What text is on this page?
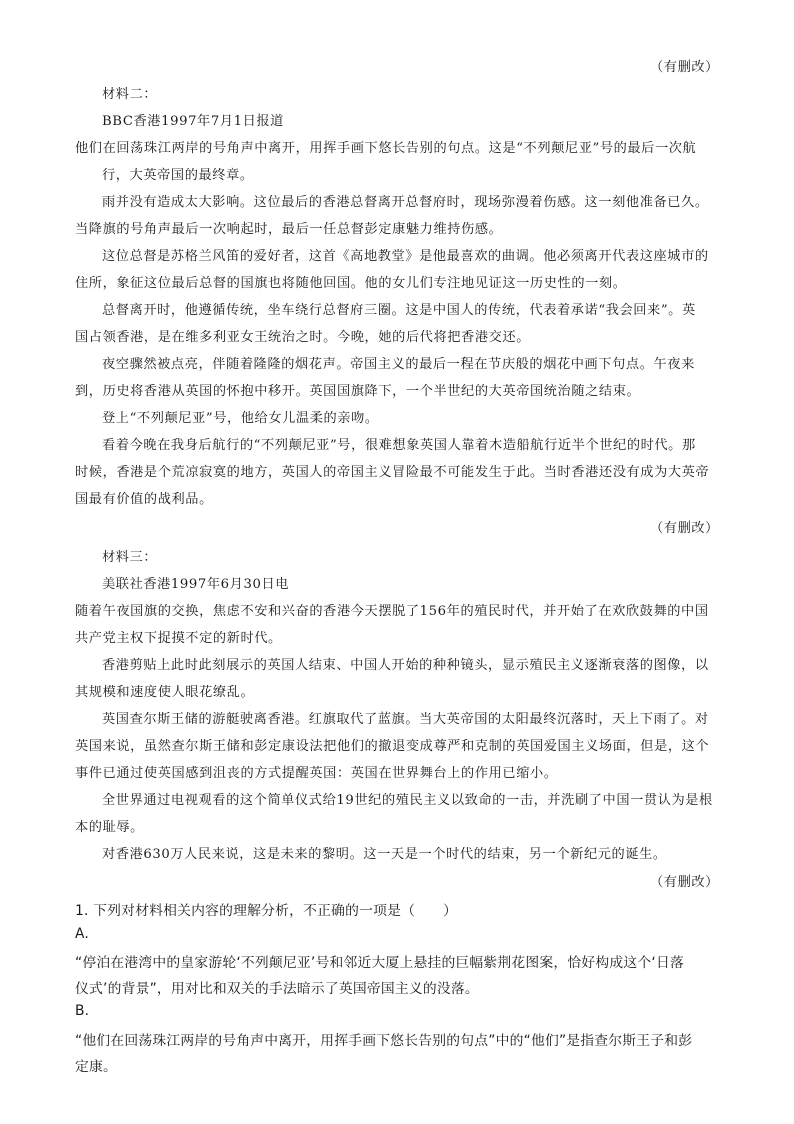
（有删改）
材料二：
BBC香港1997年7月1日报道
他们在回荡珠江两岸的号角声中离开，用挥手画下悠长告别的句点。这是“不列颠尼亚”号的最后一次航
行，大英帝国的最终章。
雨并没有造成太大影响。这位最后的香港总督离开总督府时，现场弥漫着伤感。这一刻他准备已久。
当降旗的号角声最后一次响起时，最后一任总督彭定康魅力维持伤感。
这位总督是苏格兰风笛的爱好者，这首《高地教堂》是他最喜欢的曲调。他必须离开代表这座城市的
住所，象征这位最后总督的国旗也将随他回国。他的女儿们专注地见证这一历史性的一刻。
总督离开时，他遵循传统，坐车绕行总督府三圈。这是中国人的传统，代表着承诺“我会回来”。英
国占领香港，是在维多利亚女王统治之时。今晚，她的后代将把香港交还。
夜空骤然被点亮，伴随着隆隆的烟花声。帝国主义的最后一程在节庆般的烟花中画下句点。午夜来
到，历史将香港从英国的怀抱中移开。英国国旗降下，一个半世纪的大英帝国统治随之结束。
登上“不列颠尼亚”号，他给女儿温柔的亲吻。
看着今晚在我身后航行的“不列颠尼亚”号，很难想象英国人靠着木造船航行近半个世纪的时代。那
时候，香港是个荒凉寂寞的地方，英国人的帝国主义冒险最不可能发生于此。当时香港还没有成为大英帝
国最有价值的战利品。
（有删改）
材料三：
美联社香港1997年6月30日电
随着午夜国旗的交换，焦虑不安和兴奋的香港今天摆脱了156年的殖民时代，并开始了在欢欣鼓舞的中国
共产党主权下捉摸不定的新时代。
香港剪贴上此时此刻展示的英国人结束、中国人开始的种种镜头，显示殖民主义逐渐衰落的图像，以
其规模和速度使人眼花缭乱。
英国查尔斯王储的游艇驶离香港。红旗取代了蓝旗。当大英帝国的太阳最终沉落时，天上下雨了。对
英国来说，虽然查尔斯王储和彭定康设法把他们的撤退变成尊严和克制的英国爱国主义场面，但是，这个
事件已通过使英国感到沮丧的方式提醒英国：英国在世界舞台上的作用已缩小。
全世界通过电视观看的这个简单仪式给19世纪的殖民主义以致命的一击，并洗刷了中国一贯认为是根
本的耻辱。
对香港630万人民来说，这是未来的黎明。这一天是一个时代的结束，另一个新纪元的诞生。
（有删改）
1. 下列对材料相关内容的理解分析，不正确的一项是（　　）
A.
“停泊在港湾中的皇家游轮‘不列颠尼亚’号和邻近大厦上悬挂的巨幅紫荆花图案，恰好构成这个‘日落
仪式’的背景”，用对比和双关的手法暗示了英国帝国主义的没落。
B.
“他们在回荡珠江两岸的号角声中离开，用挥手画下悠长告别的句点”中的“他们”是指查尔斯王子和彭
定康。
